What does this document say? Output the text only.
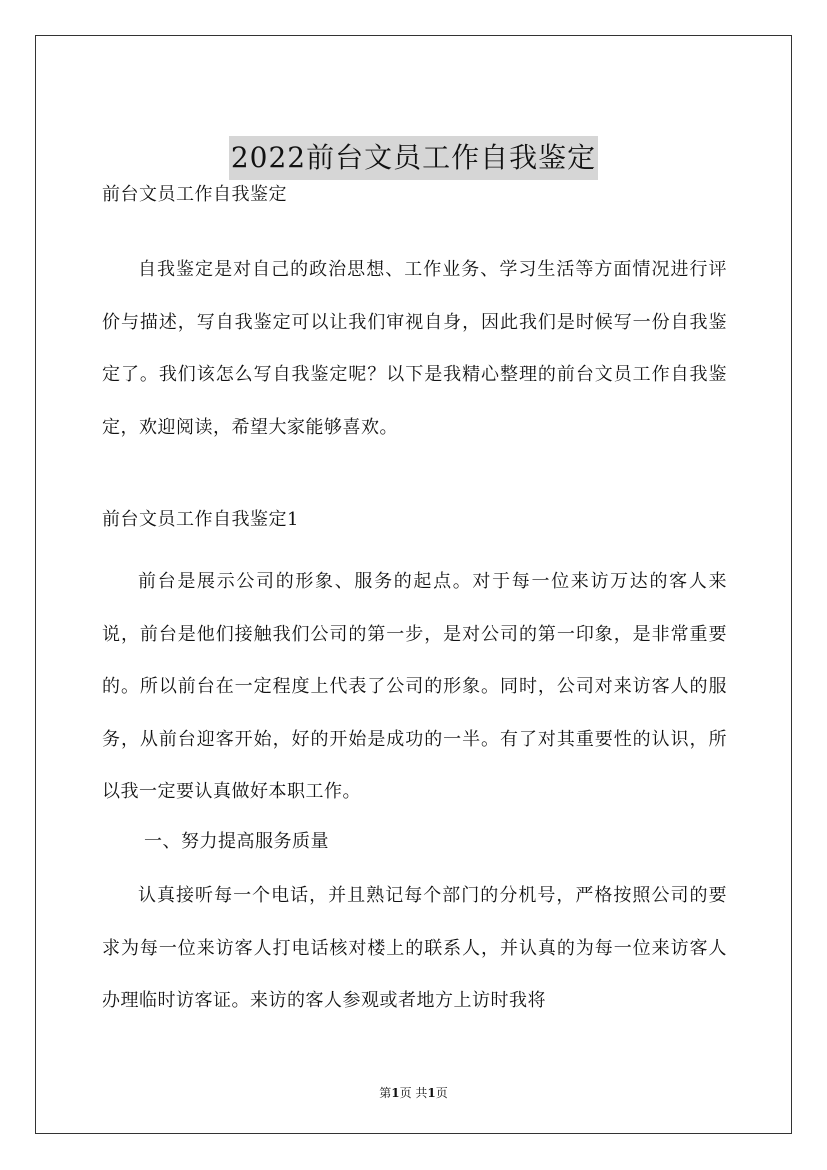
2022前台文员工作自我鉴定
前台文员工作自我鉴定

自我鉴定是对自己的政治思想、工作业务、学习生活等方面情况进行评价与描述，写自我鉴定可以让我们审视自身，因此我们是时候写一份自我鉴定了。我们该怎么写自我鉴定呢？以下是我精心整理的前台文员工作自我鉴定，欢迎阅读，希望大家能够喜欢。

前台文员工作自我鉴定1

前台是展示公司的形象、服务的起点。对于每一位来访万达的客人来说，前台是他们接触我们公司的第一步，是对公司的第一印象，是非常重要的。所以前台在一定程度上代表了公司的形象。同时，公司对来访客人的服务，从前台迎客开始，好的开始是成功的一半。有了对其重要性的认识，所以我一定要认真做好本职工作。

一、努力提高服务质量

认真接听每一个电话，并且熟记每个部门的分机号，严格按照公司的要求为每一位来访客人打电话核对楼上的联系人，并认真的为每一位来访客人办理临时访客证。来访的客人参观或者地方上访时我将

第1页 共1页
